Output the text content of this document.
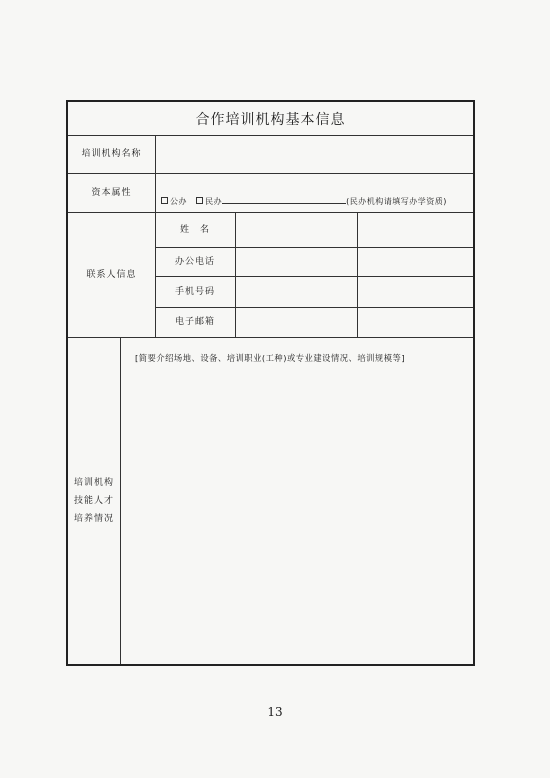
合作培训机构基本信息
培训机构名称
资本属性
公办 民办	(民办机构请填写办学资质)
联系人信息
姓　名
办公电话
手机号码
电子邮箱
培训机构
技能人才
培养情况
[简要介绍场地、设备、培训职业(工种)或专业建设情况、培训规模等]
13
